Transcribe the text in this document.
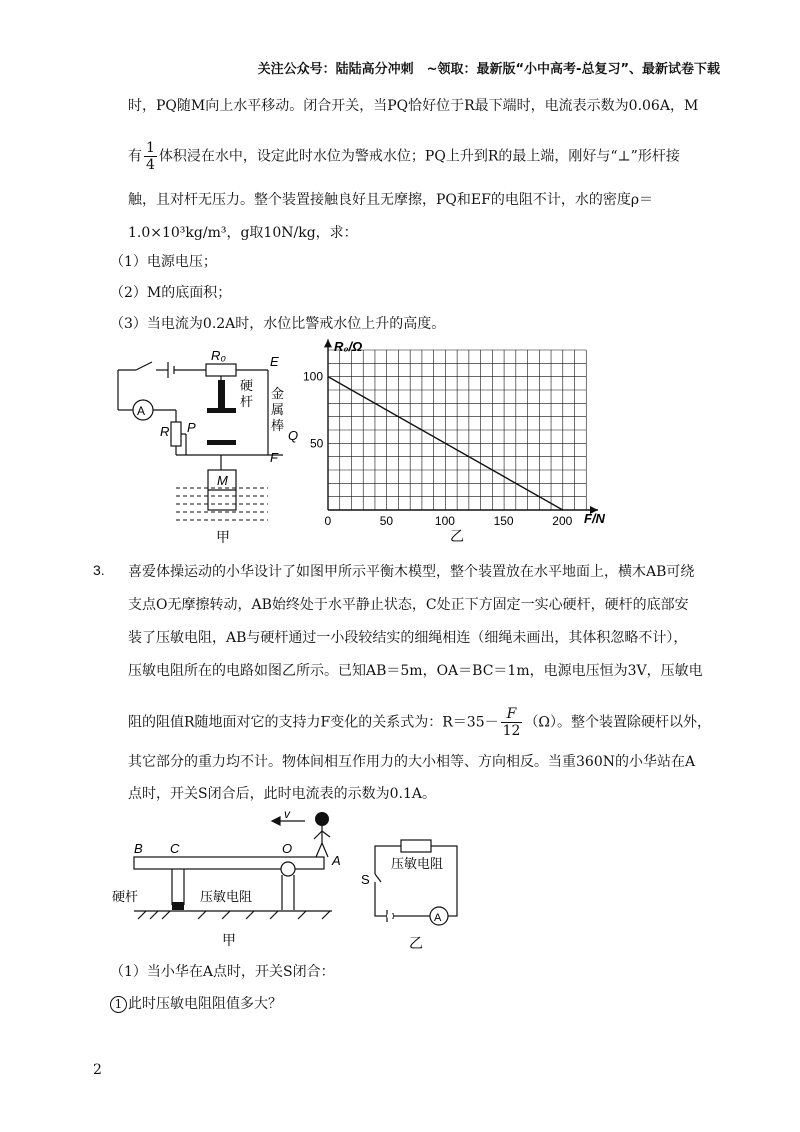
关注公众号：陆陆高分冲刺　~领取：最新版“小中高考-总复习”、最新试卷下载
时，PQ随M向上水平移动。闭合开关，当PQ恰好位于R最下端时，电流表示数为0.06A，M
有 $\frac{1}{4}$ 体积浸在水中，设定此时水位为警戒水位；PQ上升到R的最上端，刚好与“⊥”形杆接
触，且对杆无压力。整个装置接触良好且无摩擦，PQ和EF的电阻不计，水的密度ρ＝
1.0×10³kg/m³，g取10N/kg，求：
（1）电源电压；
（2）M的底面积；
（3）当电流为0.2A时，水位比警戒水位上升的高度。
A
R₀
硬
杆
金
属
棒
E
F
Q
P
R
M
甲
0	50	100	150	200
50
100
R₀/Ω
F/N
乙
3. 喜爱体操运动的小华设计了如图甲所示平衡木模型，整个装置放在水平地面上，横木AB可绕
支点O无摩擦转动，AB始终处于水平静止状态，C处正下方固定一实心硬杆，硬杆的底部安
装了压敏电阻，AB与硬杆通过一小段较结实的细绳相连（细绳未画出，其体积忽略不计），
压敏电阻所在的电路如图乙所示。已知AB＝5m，OA＝BC＝1m，电源电压恒为3V，压敏电
阻的阻值R随地面对它的支持力F变化的关系式为：$R=35- \frac{F}{12} (\Omega)$。整个装置除硬杆以外，
其它部分的重力均不计。物体间相互作用力的大小相等、方向相反。当重360N的小华站在A
点时，开关S闭合后，此时电流表的示数为0.1A。
v
B C	O
A
硬杆	压敏电阻
甲
A
压敏电阻
S
乙
（1）当小华在A点时，开关S闭合：
1 此时压敏电阻阻值多大？
2
